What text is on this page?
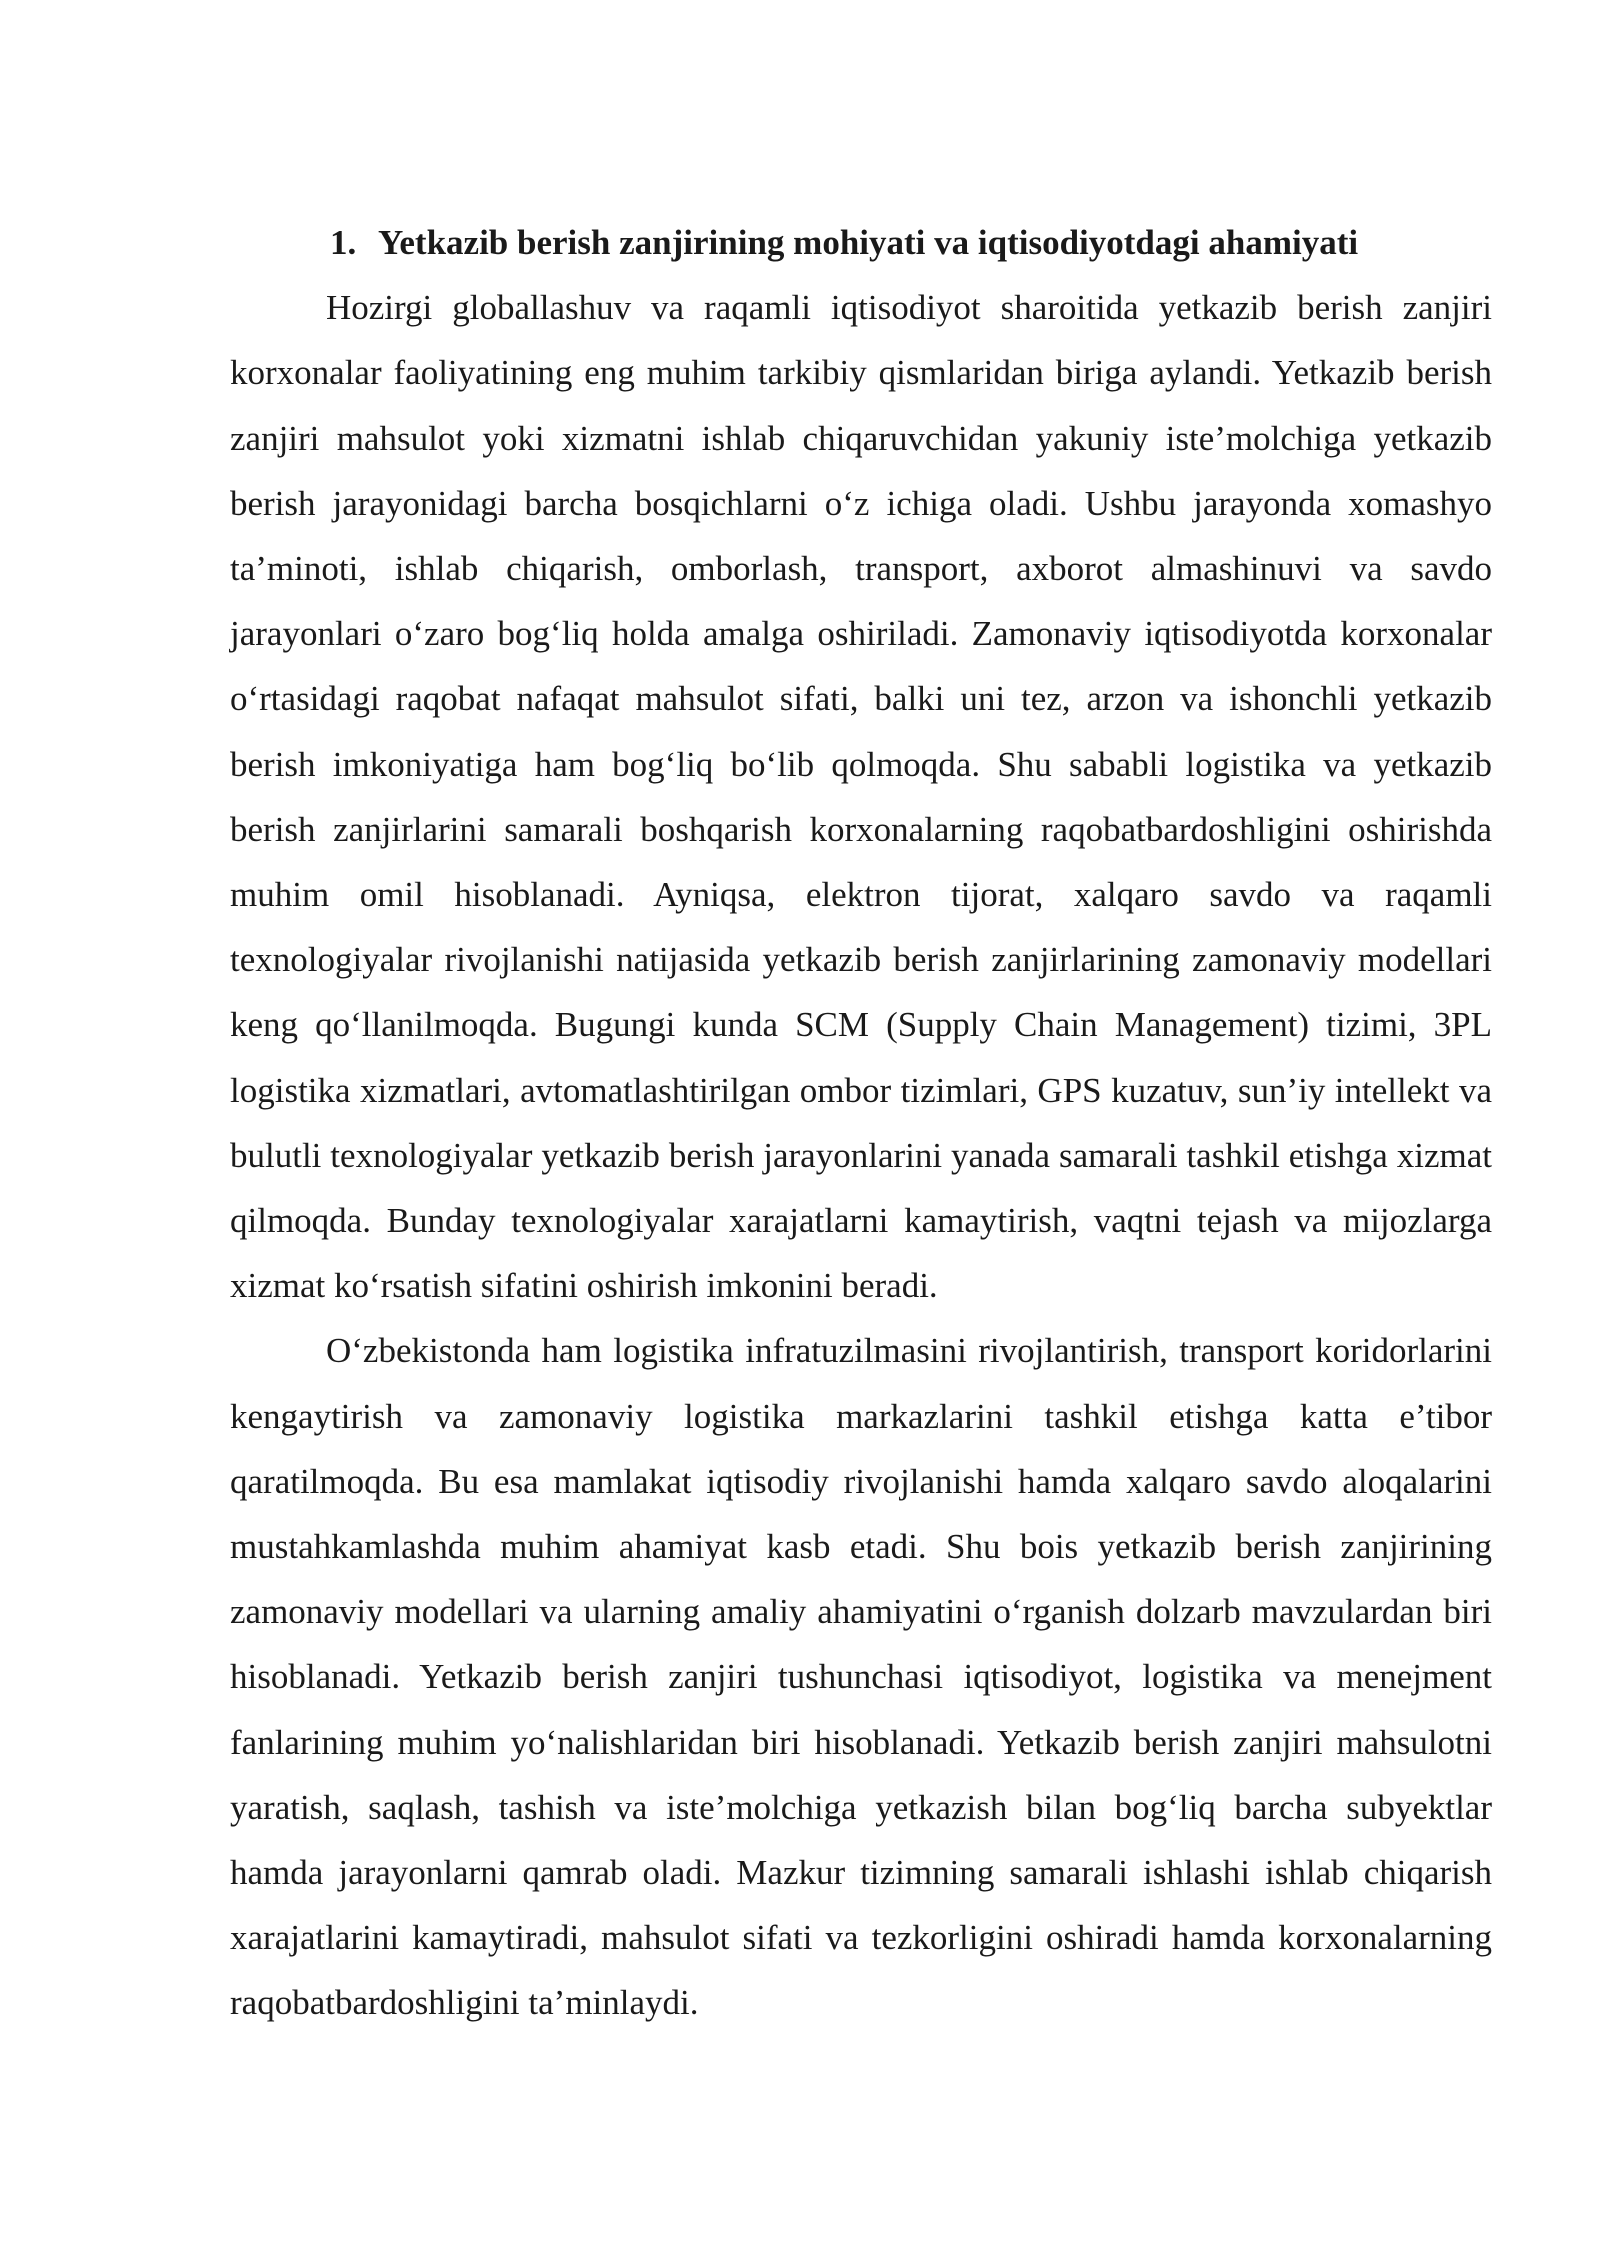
1. Yetkazib berish zanjirining mohiyati va iqtisodiyotdagi ahamiyati

Hozirgi globallashuv va raqamli iqtisodiyot sharoitida yetkazib berish zanjiri korxonalar faoliyatining eng muhim tarkibiy qismlaridan biriga aylandi. Yetkazib berish zanjiri mahsulot yoki xizmatni ishlab chiqaruvchidan yakuniy iste’molchiga yetkazib berish jarayonidagi barcha bosqichlarni o‘z ichiga oladi. Ushbu jarayonda xomashyo ta’minoti, ishlab chiqarish, omborlash, transport, axborot almashinuvi va savdo jarayonlari o‘zaro bog‘liq holda amalga oshiriladi. Zamonaviy iqtisodiyotda korxonalar o‘rtasidagi raqobat nafaqat mahsulot sifati, balki uni tez, arzon va ishonchli yetkazib berish imkoniyatiga ham bog‘liq bo‘lib qolmoqda. Shu sababli logistika va yetkazib berish zanjirlarini samarali boshqarish korxonalarning raqobatbardoshligini oshirishda muhim omil hisoblanadi. Ayniqsa, elektron tijorat, xalqaro savdo va raqamli texnologiyalar rivojlanishi natijasida yetkazib berish zanjirlarining zamonaviy modellari keng qo‘llanilmoqda. Bugungi kunda SCM (Supply Chain Management) tizimi, 3PL logistika xizmatlari, avtomatlashtirilgan ombor tizimlari, GPS kuzatuv, sun’iy intellekt va bulutli texnologiyalar yetkazib berish jarayonlarini yanada samarali tashkil etishga xizmat qilmoqda. Bunday texnologiyalar xarajatlarni kamaytirish, vaqtni tejash va mijozlarga xizmat ko‘rsatish sifatini oshirish imkonini beradi.

O‘zbekistonda ham logistika infratuzilmasini rivojlantirish, transport koridorlarini kengaytirish va zamonaviy logistika markazlarini tashkil etishga katta e’tibor qaratilmoqda. Bu esa mamlakat iqtisodiy rivojlanishi hamda xalqaro savdo aloqalarini mustahkamlashda muhim ahamiyat kasb etadi. Shu bois yetkazib berish zanjirining zamonaviy modellari va ularning amaliy ahamiyatini o‘rganish dolzarb mavzulardan biri hisoblanadi. Yetkazib berish zanjiri tushunchasi iqtisodiyot, logistika va menejment fanlarining muhim yo‘nalishlaridan biri hisoblanadi. Yetkazib berish zanjiri mahsulotni yaratish, saqlash, tashish va iste’molchiga yetkazish bilan bog‘liq barcha subyektlar hamda jarayonlarni qamrab oladi. Mazkur tizimning samarali ishlashi ishlab chiqarish xarajatlarini kamaytiradi, mahsulot sifati va tezkorligini oshiradi hamda korxonalarning raqobatbardoshligini ta’minlaydi.
